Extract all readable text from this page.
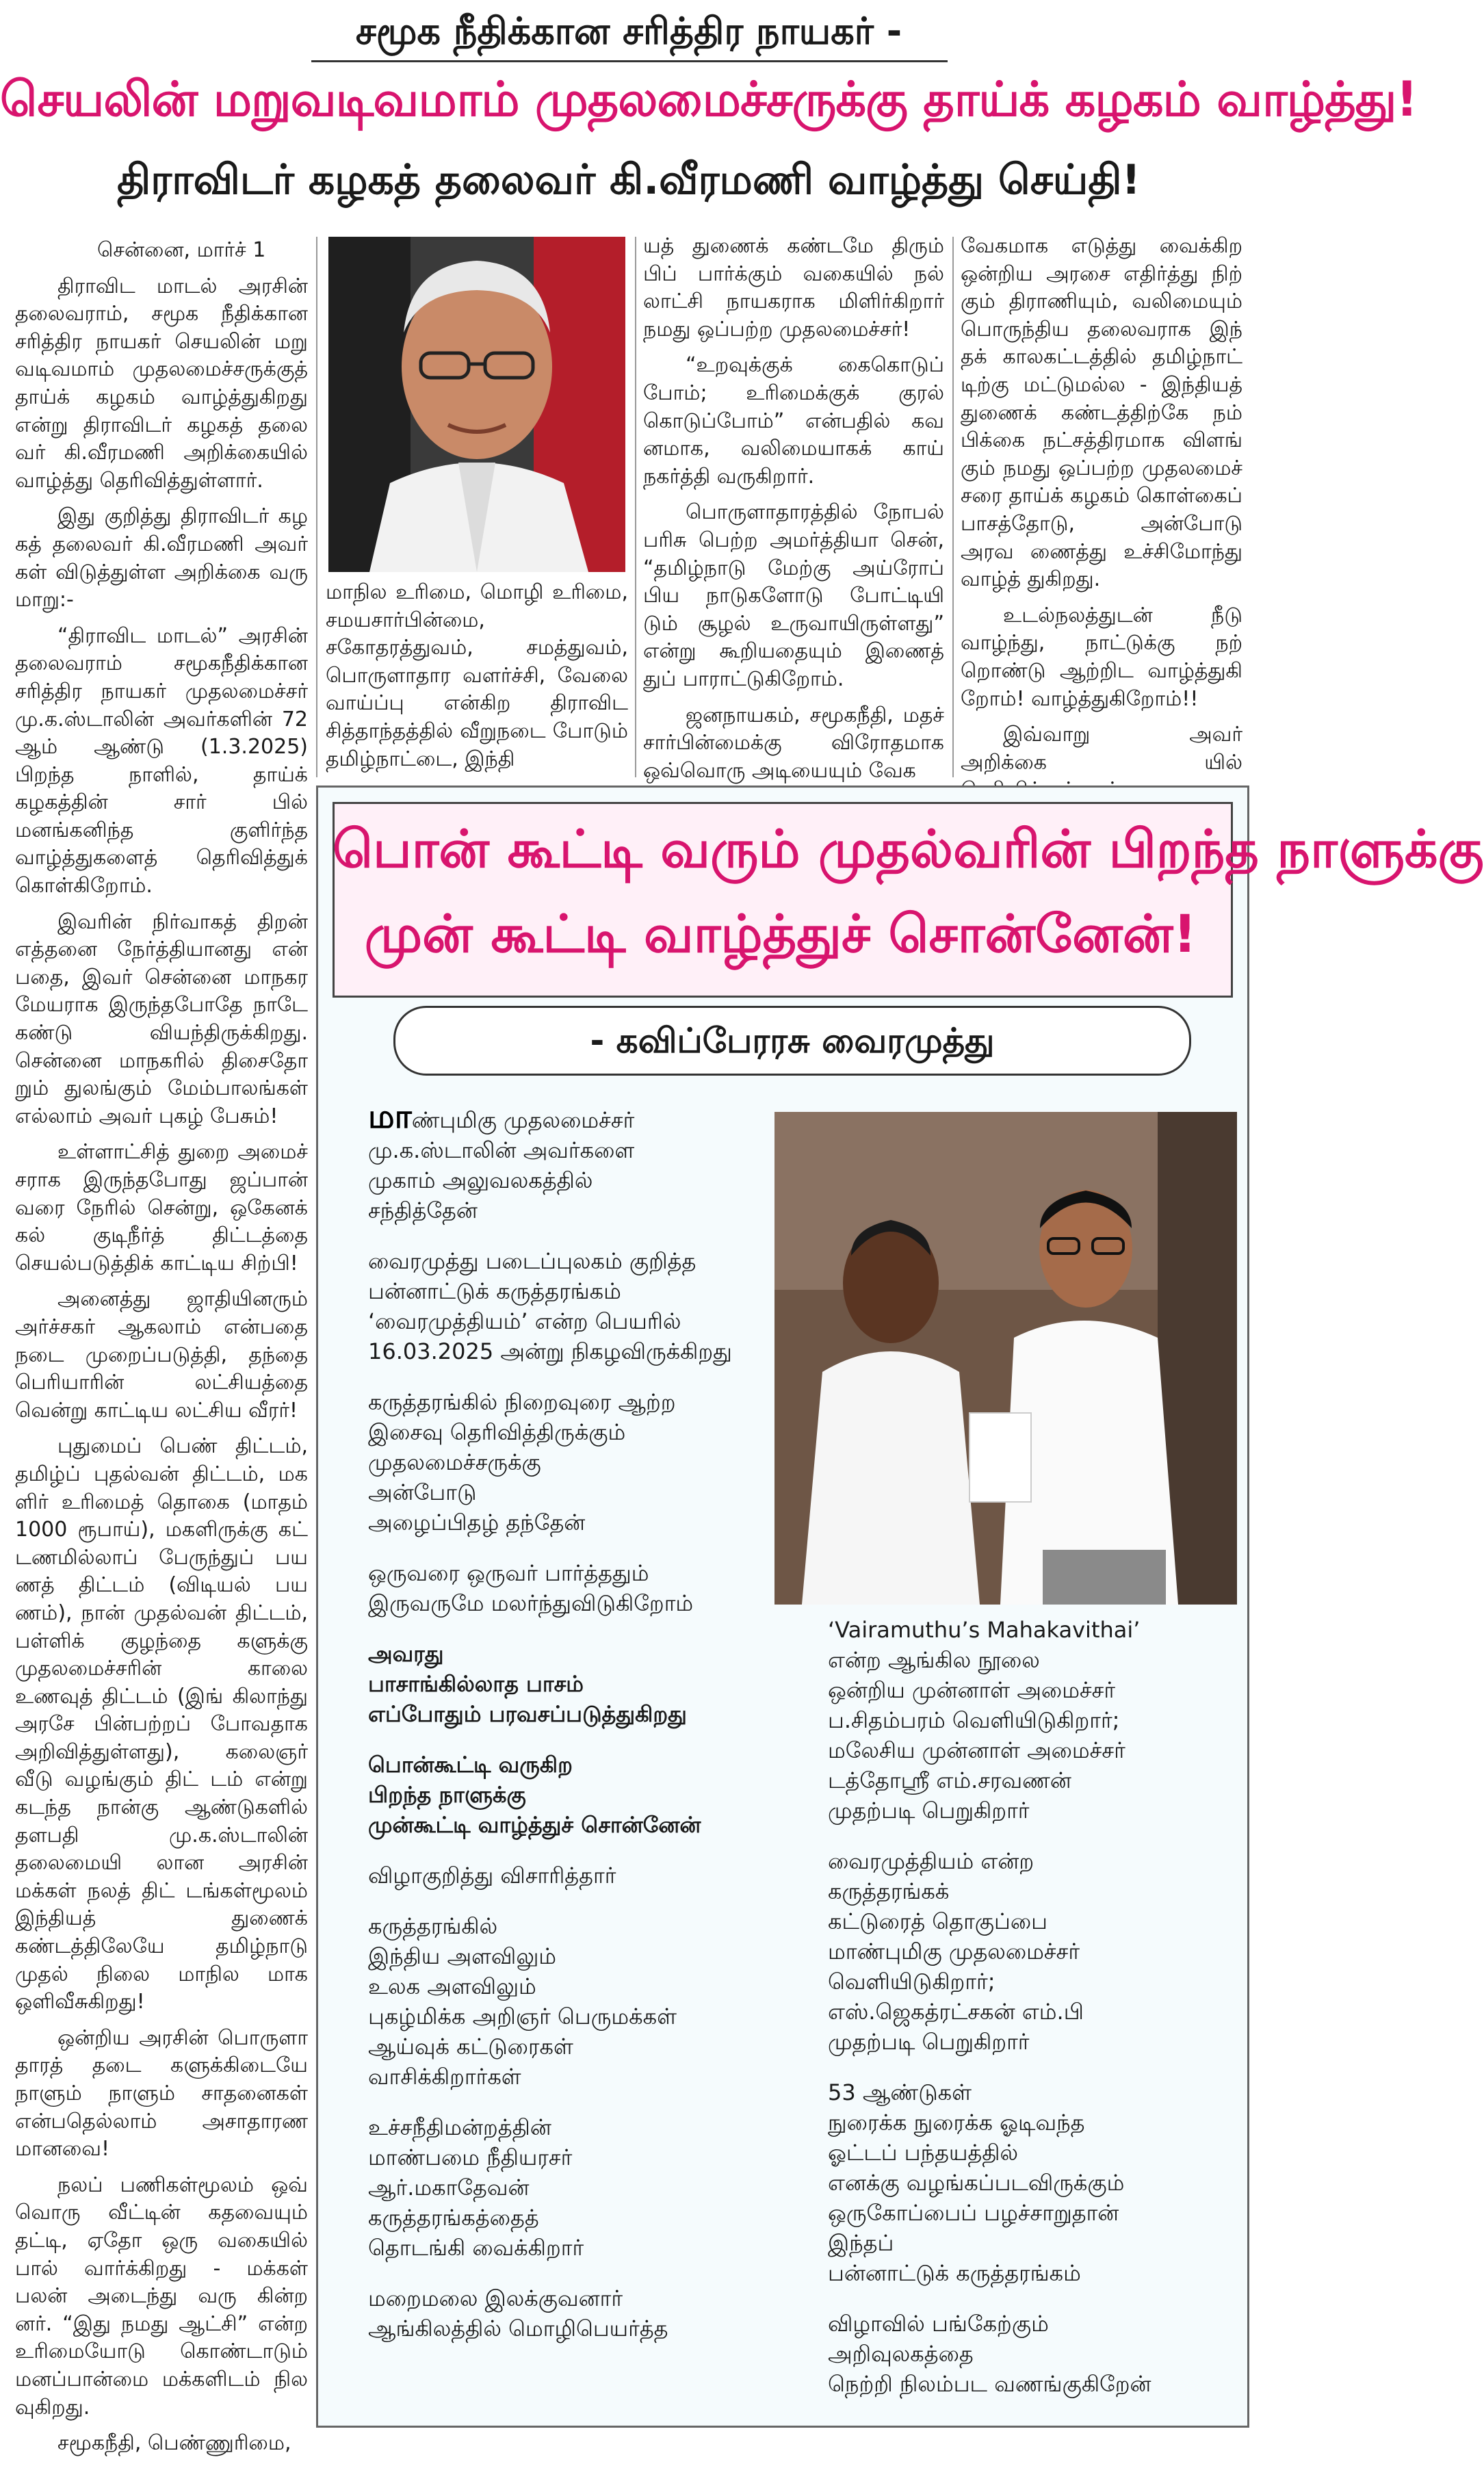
சமூக நீதிக்கான சரித்திர நாயகர் -
செயலின் மறுவடிவமாம் முதலமைச்சருக்கு தாய்க் கழகம் வாழ்த்து!
திராவிடர் கழகத் தலைவர் கி.வீரமணி வாழ்த்து செய்தி!

சென்னை, மார்ச் 1

திராவிட மாடல் அரசின் தலைவராம், சமூக நீதிக்கான சரித்திர நாயகர் செயலின் மறு வடிவமாம் முதலமைச்சருக்குத் தாய்க் கழகம் வாழ்த்துகிறது என்று திராவிடர் கழகத் தலை வர் கி.வீரமணி அறிக்கையில் வாழ்த்து தெரிவித்துள்ளார்.

இது குறித்து திராவிடர் கழ கத் தலைவர் கி.வீரமணி அவர் கள் விடுத்துள்ள அறிக்கை வரு மாறு:-

“திராவிட மாடல்” அரசின் தலைவராம் சமூகநீதிக்கான சரித்திர நாயகர் முதலமைச்சர் மு.க.ஸ்டாலின் அவர்களின் 72 ஆம் ஆண்டு (1.3.2025) பிறந்த நாளில், தாய்க் கழகத்தின் சார் பில் மனங்கனிந்த குளிர்ந்த வாழ்த்துகளைத் தெரிவித்துக் கொள்கிறோம்.

இவரின் நிர்வாகத் திறன் எத்தனை நேர்த்தியானது என் பதை, இவர் சென்னை மாநகர மேயராக இருந்தபோதே நாடே கண்டு வியந்திருக்கிறது. சென்னை மாநகரில் திசைதோ றும் துலங்கும் மேம்பாலங்கள் எல்லாம் அவர் புகழ் பேசும்!

உள்ளாட்சித் துறை அமைச் சராக இருந்தபோது ஜப்பான் வரை நேரில் சென்று, ஒகேனக் கல் குடிநீர்த் திட்டத்தை செயல்படுத்திக் காட்டிய சிற்பி!

அனைத்து ஜாதியினரும் அர்ச்சகர் ஆகலாம் என்பதை நடை முறைப்படுத்தி, தந்தை பெரியாரின் லட்சியத்தை வென்று காட்டிய லட்சிய வீரர்!

புதுமைப் பெண் திட்டம், தமிழ்ப் புதல்வன் திட்டம், மக ளிர் உரிமைத் தொகை (மாதம் 1000 ரூபாய்), மகளிருக்கு கட் டணமில்லாப் பேருந்துப் பய ணத் திட்டம் (விடியல் பய ணம்), நான் முதல்வன் திட்டம், பள்ளிக் குழந்தை களுக்கு முதலமைச்சரின் காலை உணவுத் திட்டம் (இங் கிலாந்து அரசே பின்பற்றப் போவதாக அறிவித்துள்ளது), கலைஞர் வீடு வழங்கும் திட் டம் என்று கடந்த நான்கு ஆண்டுகளில் தளபதி மு.க.ஸ்டாலின் தலைமையி லான அரசின் மக்கள் நலத் திட் டங்கள்மூலம் இந்தியத் துணைக் கண்டத்திலேயே தமிழ்நாடு முதல் நிலை மாநில மாக ஒளிவீசுகிறது!

ஒன்றிய அரசின் பொருளா தாரத் தடை களுக்கிடையே நாளும் நாளும் சாதனைகள் என்பதெல்லாம் அசாதாரண மானவை!

நலப் பணிகள்மூலம் ஒவ் வொரு வீட்டின் கதவையும் தட்டி, ஏதோ ஒரு வகையில் பால் வார்க்கிறது - மக்கள் பலன் அடைந்து வரு கின்ற னர். “இது நமது ஆட்சி” என்ற உரிமையோடு கொண்டாடும் மனப்பான்மை மக்களிடம் நில வுகிறது.

சமூகநீதி, பெண்ணுரிமை,

மாநில உரிமை, மொழி உரிமை, சமயசார்பின்மை, சகோதரத்துவம், சமத்துவம், பொருளாதார வளர்ச்சி, வேலை வாய்ப்பு என்கிற திராவிட சித்தாந்தத்தில் வீறுநடை போடும் தமிழ்நாட்டை, இந்தி

யத் துணைக் கண்டமே திரும் பிப் பார்க்கும் வகையில் நல் லாட்சி நாயகராக மிளிர்கிறார் நமது ஒப்பற்ற முதலமைச்சர்!

“உறவுக்குக் கைகொடுப் போம்; உரிமைக்குக் குரல் கொடுப்போம்” என்பதில் கவ னமாக, வலிமையாகக் காய் நகர்த்தி வருகிறார்.

பொருளாதாரத்தில் நோபல் பரிசு பெற்ற அமர்த்தியா சென், “தமிழ்நாடு மேற்கு அய்ரோப் பிய நாடுகளோடு போட்டியி டும் சூழல் உருவாயிருள்ளது” என்று கூறியதையும் இணைத் துப் பாராட்டுகிறோம்.

ஜனநாயகம், சமூகநீதி, மதச் சார்பின்மைக்கு விரோதமாக ஒவ்வொரு அடியையும் வேக

வேகமாக எடுத்து வைக்கிற ஒன்றிய அரசை எதிர்த்து நிற் கும் திராணியும், வலிமையும் பொருந்திய தலைவராக இந் தக் காலகட்டத்தில் தமிழ்நாட் டிற்கு மட்டுமல்ல - இந்தியத் துணைக் கண்டத்திற்கே நம் பிக்கை நட்சத்திரமாக விளங் கும் நமது ஒப்பற்ற முதலமைச் சரை தாய்க் கழகம் கொள்கைப் பாசத்தோடு, அன்போடு அரவ ணைத்து உச்சிமோந்து வாழ்த் துகிறது.

உடல்நலத்துடன் நீடு வாழ்ந்து, நாட்டுக்கு நற் றொண்டு ஆற்றிட வாழ்த்துகி றோம்! வாழ்த்துகிறோம்!!

இவ்வாறு அவர் அறிக்கை யில்

பொன் கூட்டி வரும் முதல்வரின் பிறந்த நாளுக்கு
முன் கூட்டி வாழ்த்துச் சொன்னேன்!
- கவிப்பேரரசு வைரமுத்து

மாண்புமிகு முதலமைச்சர்
மு.க.ஸ்டாலின் அவர்களை
முகாம் அலுவலகத்தில்
சந்தித்தேன்

வைரமுத்து படைப்புலகம் குறித்த
பன்னாட்டுக் கருத்தரங்கம்
‘வைரமுத்தியம்’ என்ற பெயரில்
16.03.2025 அன்று நிகழவிருக்கிறது

கருத்தரங்கில் நிறைவுரை ஆற்ற
இசைவு தெரிவித்திருக்கும்
முதலமைச்சருக்கு
அன்போடு
அழைப்பிதழ் தந்தேன்

ஒருவரை ஒருவர் பார்த்ததும்
இருவருமே மலர்ந்துவிடுகிறோம்

அவரது
பாசாங்கில்லாத பாசம்
எப்போதும் பரவசப்படுத்துகிறது

பொன்கூட்டி வருகிற
பிறந்த நாளுக்கு
முன்கூட்டி வாழ்த்துச் சொன்னேன்

விழாகுறித்து விசாரித்தார்

கருத்தரங்கில்
இந்திய அளவிலும்
உலக அளவிலும்
புகழ்மிக்க அறிஞர் பெருமக்கள்
ஆய்வுக் கட்டுரைகள்
வாசிக்கிறார்கள்

உச்சநீதிமன்றத்தின்
மாண்பமை நீதியரசர்
ஆர்.மகாதேவன்
கருத்தரங்கத்தைத்
தொடங்கி வைக்கிறார்

மறைமலை இலக்குவனார்
ஆங்கிலத்தில் மொழிபெயர்த்த

‘Vairamuthu’s Mahakavithai’
என்ற ஆங்கில நூலை
ஒன்றிய முன்னாள் அமைச்சர்
ப.சிதம்பரம் வெளியிடுகிறார்;
மலேசிய முன்னாள் அமைச்சர்
டத்தோஸ்ரீ எம்.சரவணன்
முதற்படி பெறுகிறார்

வைரமுத்தியம் என்ற
கருத்தரங்கக்
கட்டுரைத் தொகுப்பை
மாண்புமிகு முதலமைச்சர்
வெளியிடுகிறார்;
எஸ்.ஜெகத்ரட்சகன் எம்.பி
முதற்படி பெறுகிறார்

53 ஆண்டுகள்
நுரைக்க நுரைக்க ஓடிவந்த
ஓட்டப் பந்தயத்தில்
எனக்கு வழங்கப்படவிருக்கும்
ஒருகோப்பைப் பழச்சாறுதான்
இந்தப்
பன்னாட்டுக் கருத்தரங்கம்

விழாவில் பங்கேற்கும்
அறிவுலகத்தை
நெற்றி நிலம்பட வணங்குகிறேன்
